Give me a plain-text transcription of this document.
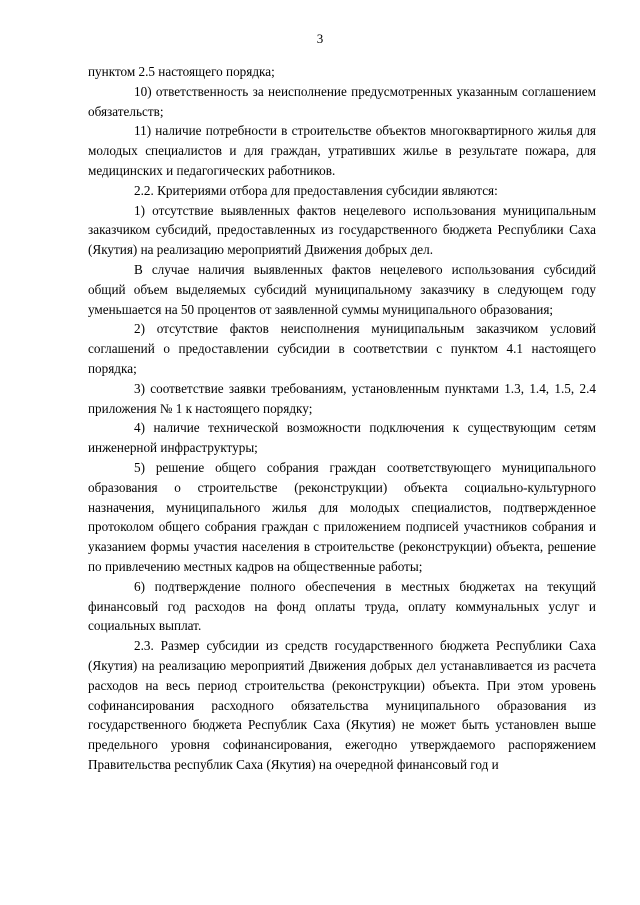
3

пунктом 2.5 настоящего порядка;

10) ответственность за неисполнение предусмотренных указанным соглашением обязательств;

11) наличие потребности в строительстве объектов многоквартирного жилья для молодых специалистов и для граждан, утративших жилье в результате пожара, для медицинских и педагогических работников.

2.2. Критериями отбора для предоставления субсидии являются:

1) отсутствие выявленных фактов нецелевого использования муниципальным заказчиком субсидий, предоставленных из государственного бюджета Республики Саха (Якутия) на реализацию мероприятий Движения добрых дел.

В случае наличия выявленных фактов нецелевого использования субсидий общий объем выделяемых субсидий муниципальному заказчику в следующем году уменьшается на 50 процентов от заявленной суммы муниципального образования;

2) отсутствие фактов неисполнения муниципальным заказчиком условий соглашений о предоставлении субсидии в соответствии с пунктом 4.1 настоящего порядка;

3) соответствие заявки требованиям, установленным пунктами 1.3, 1.4, 1.5, 2.4 приложения № 1 к настоящего порядку;

4) наличие технической возможности подключения к существующим сетям инженерной инфраструктуры;

5) решение общего собрания граждан соответствующего муниципального образования о строительстве (реконструкции) объекта социально-культурного назначения, муниципального жилья для молодых специалистов, подтвержденное протоколом общего собрания граждан с приложением подписей участников собрания и указанием формы участия населения в строительстве (реконструкции) объекта, решение по привлечению местных кадров на общественные работы;

6) подтверждение полного обеспечения в местных бюджетах на текущий финансовый год расходов на фонд оплаты труда, оплату коммунальных услуг и социальных выплат.

2.3. Размер субсидии из средств государственного бюджета Республики Саха (Якутия) на реализацию мероприятий Движения добрых дел устанавливается из расчета расходов на весь период строительства (реконструкции) объекта. При этом уровень софинансирования расходного обязательства муниципального образования из государственного бюджета Республик Саха (Якутия) не может быть установлен выше предельного уровня софинансирования, ежегодно утверждаемого распоряжением Правительства республик Саха (Якутия) на очередной финансовый год и
